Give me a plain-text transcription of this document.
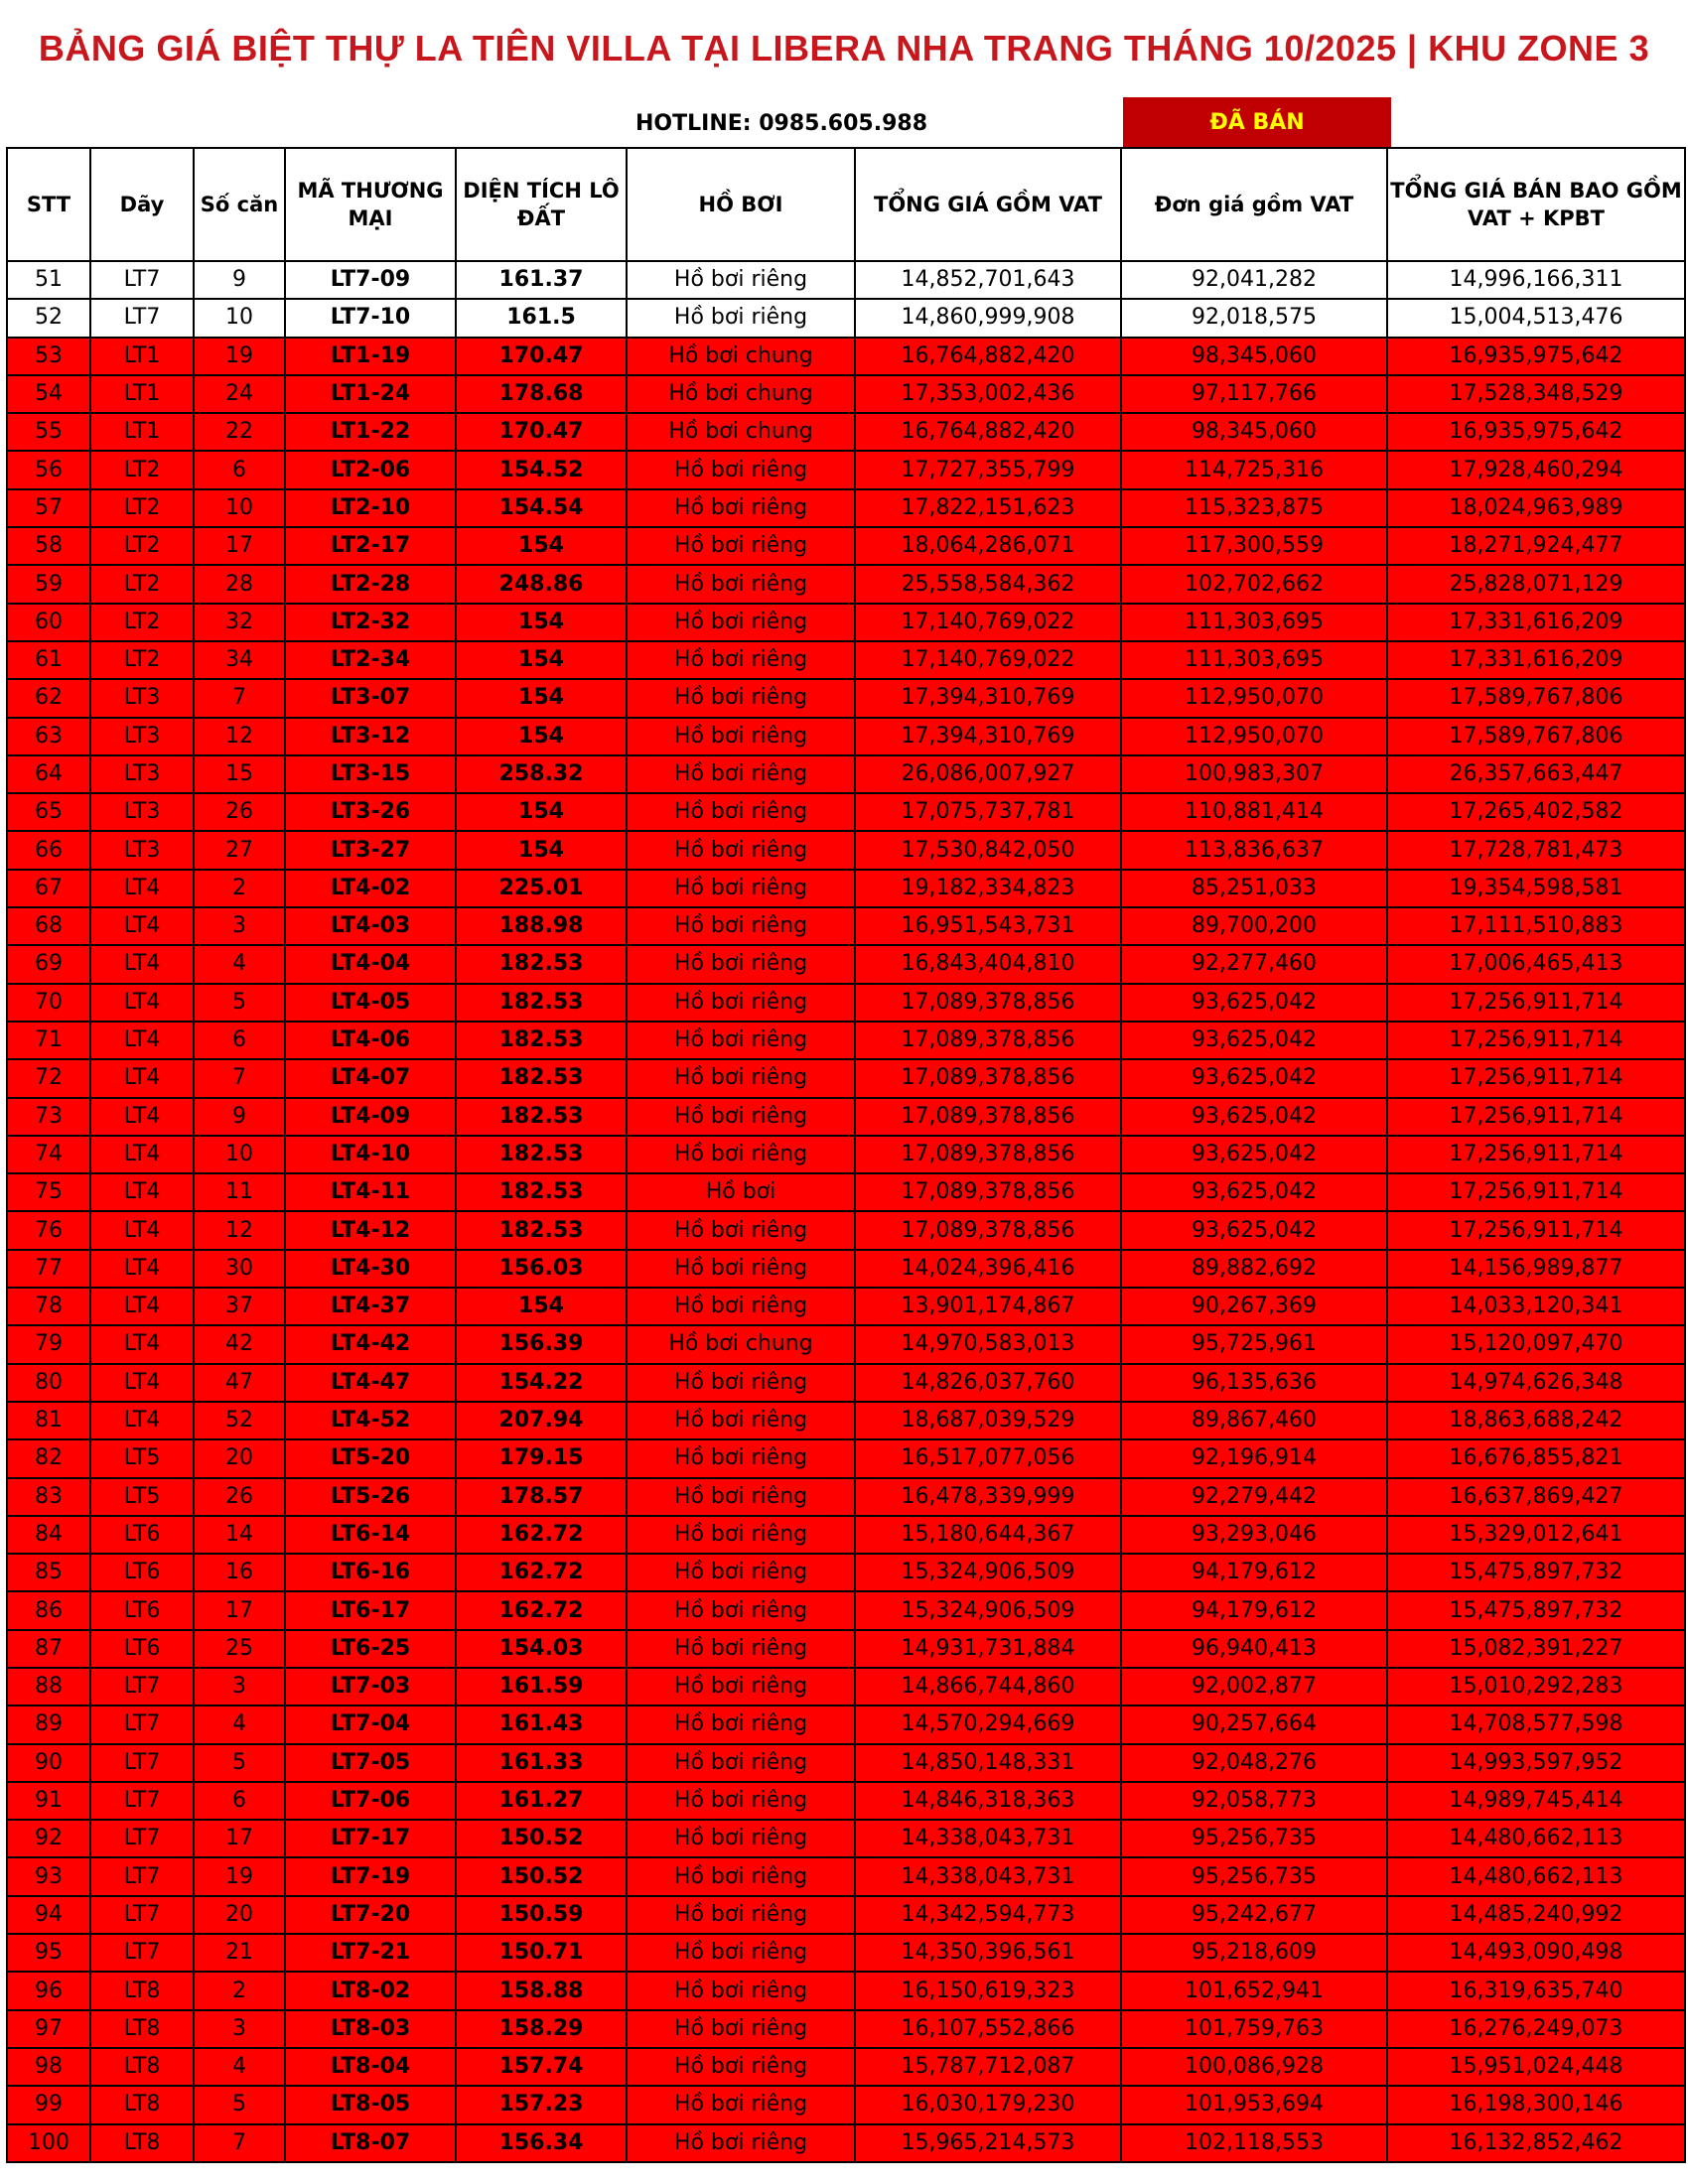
BẢNG GIÁ BIỆT THỰ LA TIÊN VILLA TẠI LIBERA NHA TRANG THÁNG 10/2025 | KHU ZONE 3
HOTLINE: 0985.605.988	ĐÃ BÁN
STT	Dãy	Số căn	MÃ THƯƠNG MẠI	DIỆN TÍCH LÔ ĐẤT	HỒ BƠI	TỔNG GIÁ GỒM VAT	Đơn giá gồm VAT	TỔNG GIÁ BÁN BAO GỒM VAT + KPBT
51	LT7	9	LT7-09	161.37	Hồ bơi riêng	14,852,701,643	92,041,282	14,996,166,311
52	LT7	10	LT7-10	161.5	Hồ bơi riêng	14,860,999,908	92,018,575	15,004,513,476
53	LT1	19	LT1-19	170.47	Hồ bơi chung	16,764,882,420	98,345,060	16,935,975,642
54	LT1	24	LT1-24	178.68	Hồ bơi chung	17,353,002,436	97,117,766	17,528,348,529
55	LT1	22	LT1-22	170.47	Hồ bơi chung	16,764,882,420	98,345,060	16,935,975,642
56	LT2	6	LT2-06	154.52	Hồ bơi riêng	17,727,355,799	114,725,316	17,928,460,294
57	LT2	10	LT2-10	154.54	Hồ bơi riêng	17,822,151,623	115,323,875	18,024,963,989
58	LT2	17	LT2-17	154	Hồ bơi riêng	18,064,286,071	117,300,559	18,271,924,477
59	LT2	28	LT2-28	248.86	Hồ bơi riêng	25,558,584,362	102,702,662	25,828,071,129
60	LT2	32	LT2-32	154	Hồ bơi riêng	17,140,769,022	111,303,695	17,331,616,209
61	LT2	34	LT2-34	154	Hồ bơi riêng	17,140,769,022	111,303,695	17,331,616,209
62	LT3	7	LT3-07	154	Hồ bơi riêng	17,394,310,769	112,950,070	17,589,767,806
63	LT3	12	LT3-12	154	Hồ bơi riêng	17,394,310,769	112,950,070	17,589,767,806
64	LT3	15	LT3-15	258.32	Hồ bơi riêng	26,086,007,927	100,983,307	26,357,663,447
65	LT3	26	LT3-26	154	Hồ bơi riêng	17,075,737,781	110,881,414	17,265,402,582
66	LT3	27	LT3-27	154	Hồ bơi riêng	17,530,842,050	113,836,637	17,728,781,473
67	LT4	2	LT4-02	225.01	Hồ bơi riêng	19,182,334,823	85,251,033	19,354,598,581
68	LT4	3	LT4-03	188.98	Hồ bơi riêng	16,951,543,731	89,700,200	17,111,510,883
69	LT4	4	LT4-04	182.53	Hồ bơi riêng	16,843,404,810	92,277,460	17,006,465,413
70	LT4	5	LT4-05	182.53	Hồ bơi riêng	17,089,378,856	93,625,042	17,256,911,714
71	LT4	6	LT4-06	182.53	Hồ bơi riêng	17,089,378,856	93,625,042	17,256,911,714
72	LT4	7	LT4-07	182.53	Hồ bơi riêng	17,089,378,856	93,625,042	17,256,911,714
73	LT4	9	LT4-09	182.53	Hồ bơi riêng	17,089,378,856	93,625,042	17,256,911,714
74	LT4	10	LT4-10	182.53	Hồ bơi riêng	17,089,378,856	93,625,042	17,256,911,714
75	LT4	11	LT4-11	182.53	Hồ bơi	17,089,378,856	93,625,042	17,256,911,714
76	LT4	12	LT4-12	182.53	Hồ bơi riêng	17,089,378,856	93,625,042	17,256,911,714
77	LT4	30	LT4-30	156.03	Hồ bơi riêng	14,024,396,416	89,882,692	14,156,989,877
78	LT4	37	LT4-37	154	Hồ bơi riêng	13,901,174,867	90,267,369	14,033,120,341
79	LT4	42	LT4-42	156.39	Hồ bơi chung	14,970,583,013	95,725,961	15,120,097,470
80	LT4	47	LT4-47	154.22	Hồ bơi riêng	14,826,037,760	96,135,636	14,974,626,348
81	LT4	52	LT4-52	207.94	Hồ bơi riêng	18,687,039,529	89,867,460	18,863,688,242
82	LT5	20	LT5-20	179.15	Hồ bơi riêng	16,517,077,056	92,196,914	16,676,855,821
83	LT5	26	LT5-26	178.57	Hồ bơi riêng	16,478,339,999	92,279,442	16,637,869,427
84	LT6	14	LT6-14	162.72	Hồ bơi riêng	15,180,644,367	93,293,046	15,329,012,641
85	LT6	16	LT6-16	162.72	Hồ bơi riêng	15,324,906,509	94,179,612	15,475,897,732
86	LT6	17	LT6-17	162.72	Hồ bơi riêng	15,324,906,509	94,179,612	15,475,897,732
87	LT6	25	LT6-25	154.03	Hồ bơi riêng	14,931,731,884	96,940,413	15,082,391,227
88	LT7	3	LT7-03	161.59	Hồ bơi riêng	14,866,744,860	92,002,877	15,010,292,283
89	LT7	4	LT7-04	161.43	Hồ bơi riêng	14,570,294,669	90,257,664	14,708,577,598
90	LT7	5	LT7-05	161.33	Hồ bơi riêng	14,850,148,331	92,048,276	14,993,597,952
91	LT7	6	LT7-06	161.27	Hồ bơi riêng	14,846,318,363	92,058,773	14,989,745,414
92	LT7	17	LT7-17	150.52	Hồ bơi riêng	14,338,043,731	95,256,735	14,480,662,113
93	LT7	19	LT7-19	150.52	Hồ bơi riêng	14,338,043,731	95,256,735	14,480,662,113
94	LT7	20	LT7-20	150.59	Hồ bơi riêng	14,342,594,773	95,242,677	14,485,240,992
95	LT7	21	LT7-21	150.71	Hồ bơi riêng	14,350,396,561	95,218,609	14,493,090,498
96	LT8	2	LT8-02	158.88	Hồ bơi riêng	16,150,619,323	101,652,941	16,319,635,740
97	LT8	3	LT8-03	158.29	Hồ bơi riêng	16,107,552,866	101,759,763	16,276,249,073
98	LT8	4	LT8-04	157.74	Hồ bơi riêng	15,787,712,087	100,086,928	15,951,024,448
99	LT8	5	LT8-05	157.23	Hồ bơi riêng	16,030,179,230	101,953,694	16,198,300,146
100	LT8	7	LT8-07	156.34	Hồ bơi riêng	15,965,214,573	102,118,553	16,132,852,462
